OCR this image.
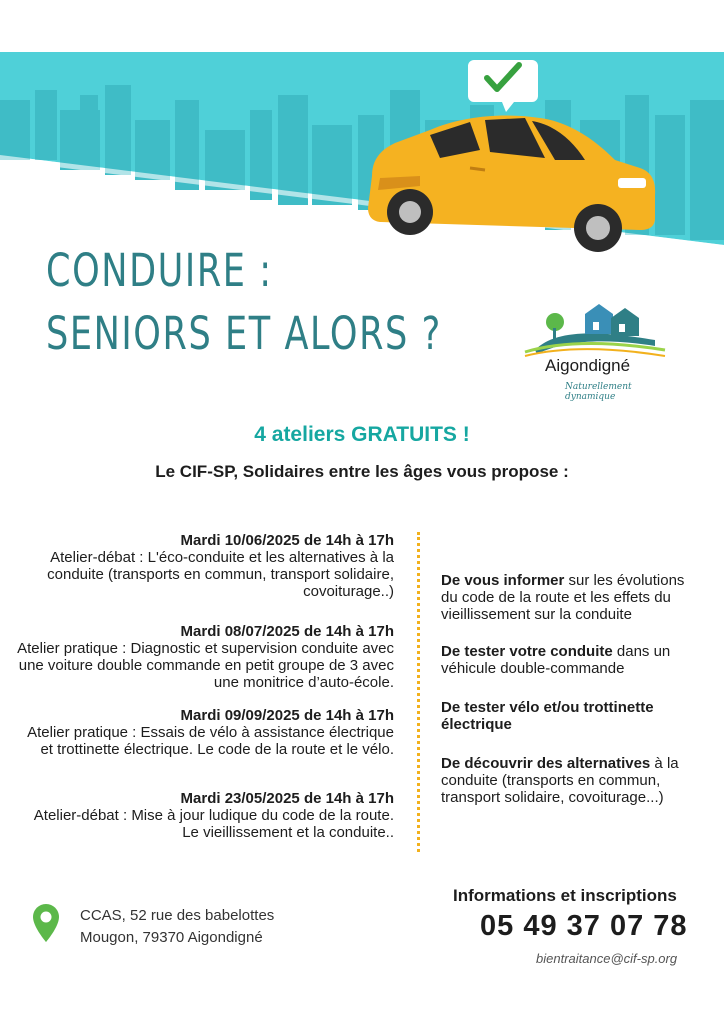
CONDUIRE :
SENIORS ET ALORS ?
Aigondigné
Naturellement dynamique
4 ateliers GRATUITS !
Le CIF-SP, Solidaires entre les âges vous propose :
Mardi 10/06/2025 de 14h à 17h
Atelier-débat : L'éco-conduite et les alternatives à la conduite (transports en commun, transport solidaire, covoiturage..)
Mardi 08/07/2025 de 14h à 17h
Atelier pratique : Diagnostic et supervision conduite avec une voiture double commande en petit groupe de 3 avec une monitrice d’auto-école.
Mardi 09/09/2025 de 14h à 17h
Atelier pratique : Essais de vélo à assistance électrique et trottinette électrique. Le code de la route et le vélo.
Mardi 23/05/2025 de 14h à 17h
Atelier-débat : Mise à jour ludique du code de la route. Le vieillissement et la conduite..
De vous informer sur les évolutions du code de la route et les effets du vieillissement sur la conduite
De tester votre conduite dans un véhicule double-commande
De tester vélo et/ou trottinette électrique
De découvrir des alternatives à la conduite (transports en commun, transport solidaire, covoiturage...)
CCAS, 52 rue des babelottes
Mougon, 79370 Aigondigné
Informations et inscriptions
05 49 37 07 78
bientraitance@cif-sp.org
